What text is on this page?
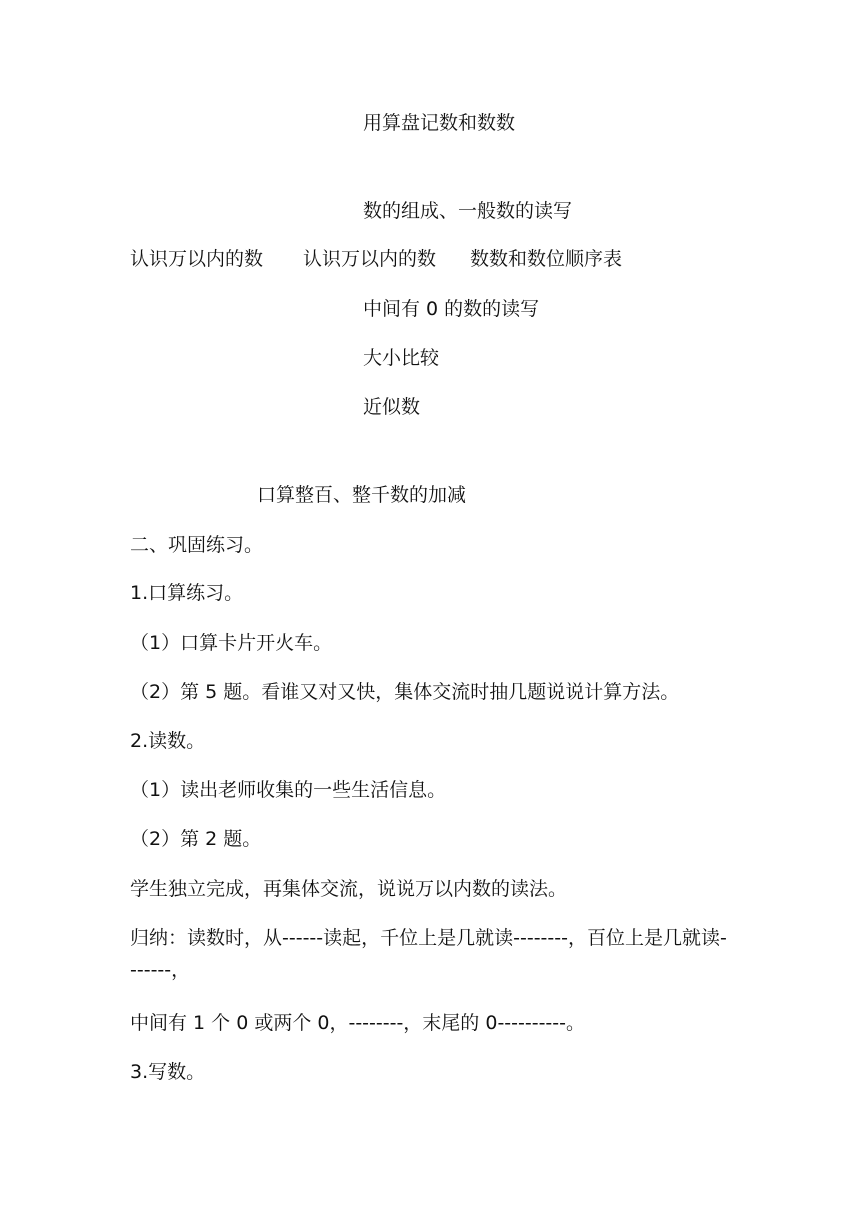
用算盘记数和数数
数的组成、一般数的读写
认识万以内的数 认识万以内的数 数数和数位顺序表
中间有 0 的数的读写
大小比较
近似数
口算整百、整千数的加减
二、巩固练习。
1.口算练习。
（1）口算卡片开火车。
（2）第 5 题。看谁又对又快，集体交流时抽几题说说计算方法。
2.读数。
（1）读出老师收集的一些生活信息。
（2）第 2 题。
学生独立完成，再集体交流，说说万以内数的读法。
归纳：读数时，从------读起，千位上是几就读--------，百位上是几就读-------，
中间有 1 个 0 或两个 0，--------，末尾的 0----------。
3.写数。
